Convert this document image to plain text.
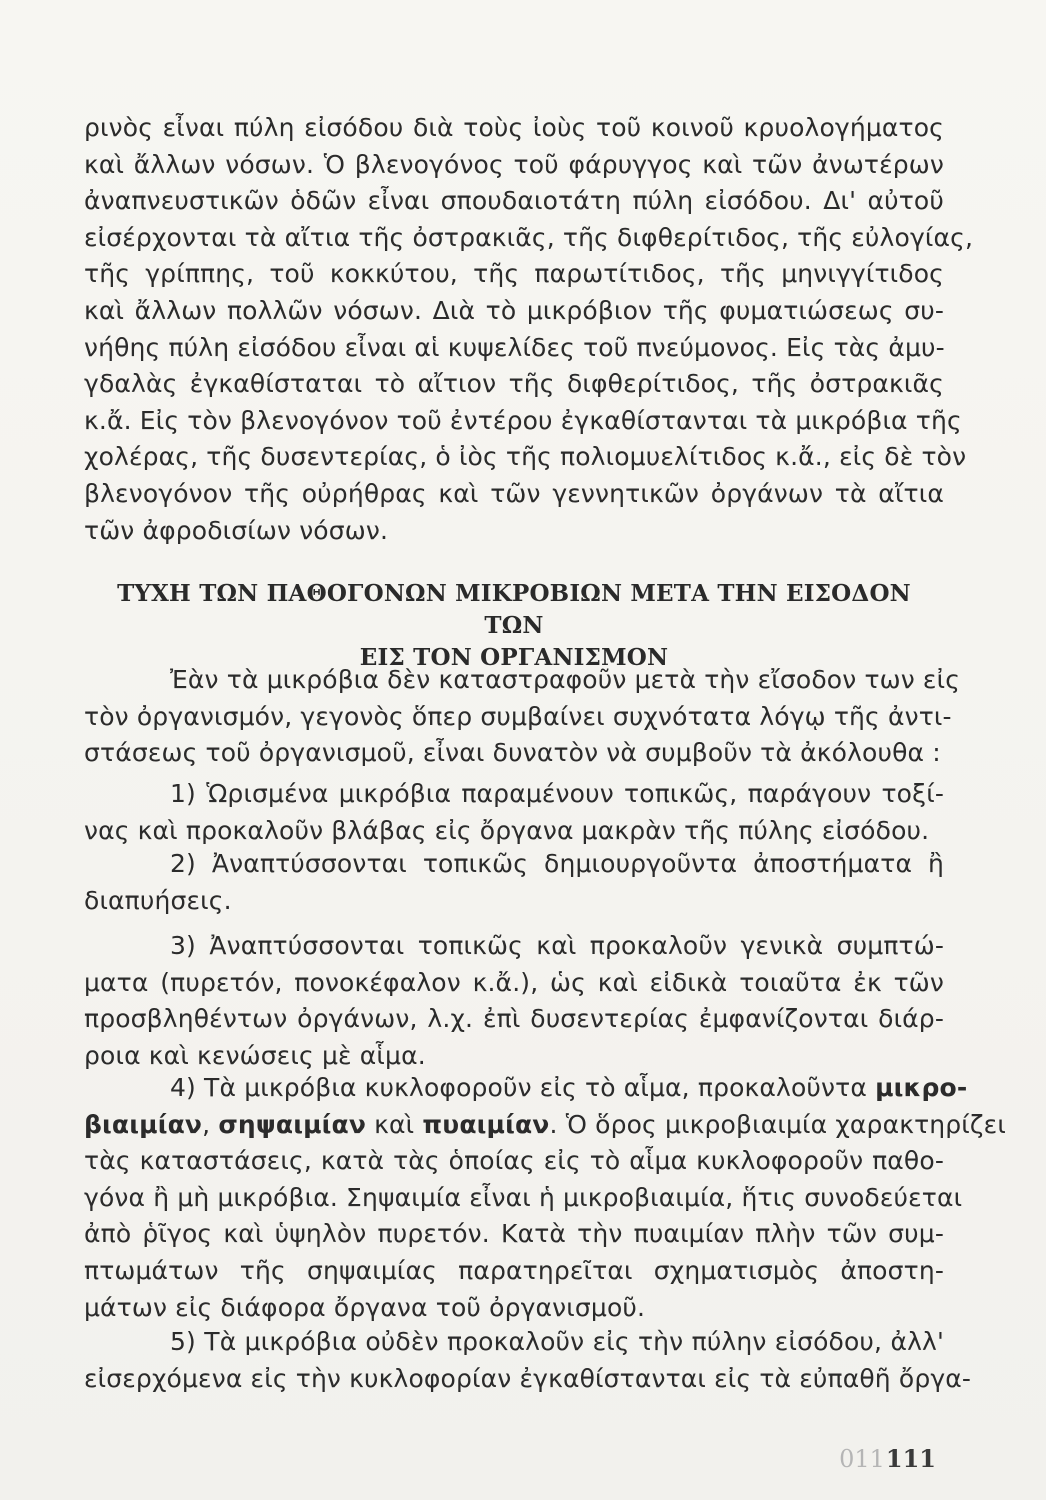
ρινὸς εἶναι πύλη εἰσόδου διὰ τοὺς ἰοὺς τοῦ κοινοῦ κρυολογήματος
καὶ ἄλλων νόσων. Ὁ βλενογόνος τοῦ φάρυγγος καὶ τῶν ἀνωτέρων
ἀναπνευστικῶν ὁδῶν εἶναι σπουδαιοτάτη πύλη εἰσόδου. Δι' αὐτοῦ
εἰσέρχονται τὰ αἴτια τῆς ὀστρακιᾶς, τῆς διφθερίτιδος, τῆς εὐλογίας,
τῆς γρίππης, τοῦ κοκκύτου, τῆς παρωτίτιδος, τῆς μηνιγγίτιδος
καὶ ἄλλων πολλῶν νόσων. Διὰ τὸ μικρόβιον τῆς φυματιώσεως συ-
νήθης πύλη εἰσόδου εἶναι αἱ κυψελίδες τοῦ πνεύμονος. Εἰς τὰς ἀμυ-
γδαλὰς ἐγκαθίσταται τὸ αἴτιον τῆς διφθερίτιδος, τῆς ὀστρακιᾶς
κ.ἄ. Εἰς τὸν βλενογόνον τοῦ ἐντέρου ἐγκαθίστανται τὰ μικρόβια τῆς
χολέρας, τῆς δυσεντερίας, ὁ ἰὸς τῆς πολιομυελίτιδος κ.ἄ., εἰς δὲ τὸν
βλενογόνον τῆς οὐρήθρας καὶ τῶν γεννητικῶν ὀργάνων τὰ αἴτια
τῶν ἀφροδισίων νόσων.
ΤΥΧΗ ΤΩΝ ΠΑΘΟΓΟΝΩΝ ΜΙΚΡΟΒΙΩΝ ΜΕΤΑ ΤΗΝ ΕΙΣΟΔΟΝ ΤΩΝ
ΕΙΣ ΤΟΝ ΟΡΓΑΝΙΣΜΟΝ
Ἐὰν τὰ μικρόβια δὲν καταστραφοῦν μετὰ τὴν εἴσοδον των εἰς
τὸν ὀργανισμόν, γεγονὸς ὅπερ συμβαίνει συχνότατα λόγῳ τῆς ἀντι-
στάσεως τοῦ ὀργανισμοῦ, εἶναι δυνατὸν νὰ συμβοῦν τὰ ἀκόλουθα :
1) Ὡρισμένα μικρόβια παραμένουν τοπικῶς, παράγουν τοξί-
νας καὶ προκαλοῦν βλάβας εἰς ὄργανα μακρὰν τῆς πύλης εἰσόδου.
2) Ἀναπτύσσονται τοπικῶς δημιουργοῦντα ἀποστήματα ἢ
διαπυήσεις.
3) Ἀναπτύσσονται τοπικῶς καὶ προκαλοῦν γενικὰ συμπτώ-
ματα (πυρετόν, πονοκέφαλον κ.ἄ.), ὡς καὶ εἰδικὰ τοιαῦτα ἐκ τῶν
προσβληθέντων ὀργάνων, λ.χ. ἐπὶ δυσεντερίας ἐμφανίζονται διάρ-
ροια καὶ κενώσεις μὲ αἷμα.
4) Τὰ μικρόβια κυκλοφοροῦν εἰς τὸ αἷμα, προκαλοῦντα μικρο-
βιαιμίαν, σηψαιμίαν καὶ πυαιμίαν. Ὁ ὅρος μικροβιαιμία χαρακτηρίζει
τὰς καταστάσεις, κατὰ τὰς ὁποίας εἰς τὸ αἷμα κυκλοφοροῦν παθο-
γόνα ἢ μὴ μικρόβια. Σηψαιμία εἶναι ἡ μικροβιαιμία, ἥτις συνοδεύεται
ἀπὸ ῥῖγος καὶ ὑψηλὸν πυρετόν. Κατὰ τὴν πυαιμίαν πλὴν τῶν συμ-
πτωμάτων τῆς σηψαιμίας παρατηρεῖται σχηματισμὸς ἀποστη-
μάτων εἰς διάφορα ὄργανα τοῦ ὀργανισμοῦ.
5) Τὰ μικρόβια οὐδὲν προκαλοῦν εἰς τὴν πύλην εἰσόδου, ἀλλ'
εἰσερχόμενα εἰς τὴν κυκλοφορίαν ἐγκαθίστανται εἰς τὰ εὐπαθῆ ὄργα-
011111
